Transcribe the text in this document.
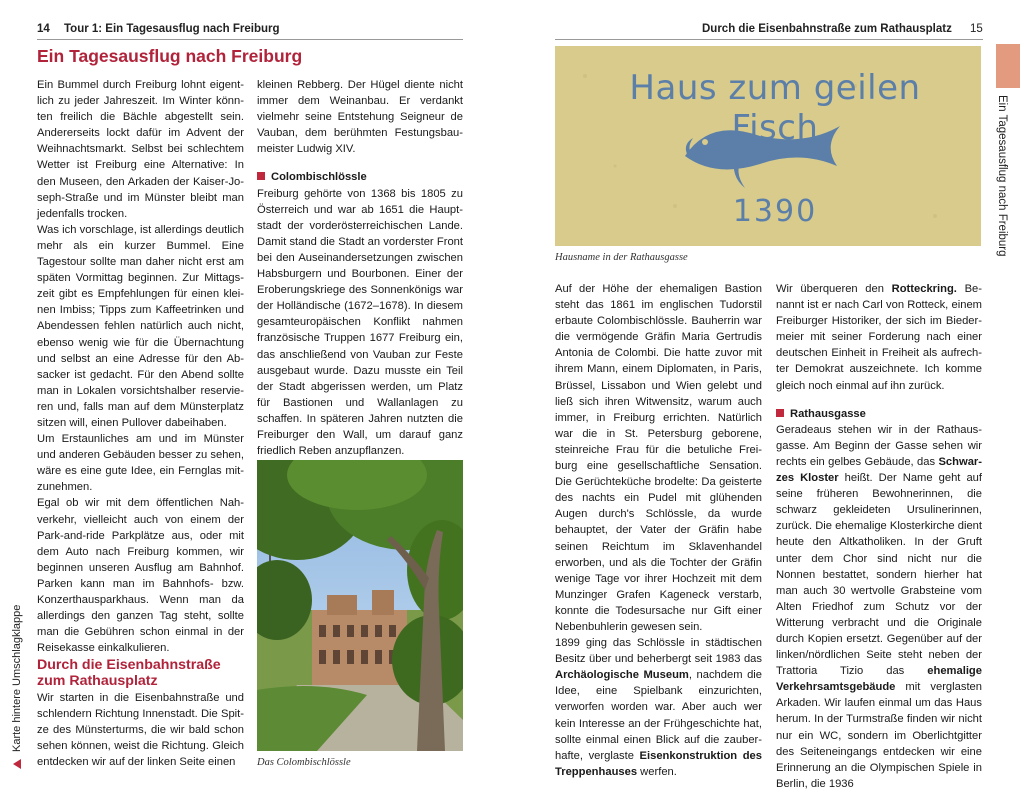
14 Tour 1: Ein Tagesausflug nach Freiburg
Ein Tagesausflug nach Freiburg

Ein Bummel durch Freiburg lohnt eigentlich zu jeder Jahreszeit. Im Winter könnten freilich die Bächle abgestellt sein. Andererseits lockt dafür im Advent der Weihnachtsmarkt. Selbst bei schlechtem Wetter ist Freiburg eine Alternative: In den Museen, den Arkaden der Kaiser-Joseph-Straße und im Münster bleibt man jedenfalls trocken.

Was ich vorschlage, ist allerdings deutlich mehr als ein kurzer Bummel. Eine Tagestour sollte man daher nicht erst am späten Vormittag beginnen. Zur Mittagszeit gibt es Empfehlungen für einen kleinen Imbiss; Tipps zum Kaffeetrinken und Abendessen fehlen natürlich auch nicht, ebenso wenig wie für die Übernachtung und selbst an eine Adresse für den Absacker ist gedacht. Für den Abend sollte man in Lokalen vorsichtshalber reservieren und, falls man auf dem Münsterplatz sitzen will, einen Pullover dabeihaben.

Um Erstaunliches am und im Münster und anderen Gebäuden besser zu sehen, wäre es eine gute Idee, ein Fernglas mitzunehmen.

Egal ob wir mit dem öffentlichen Nahverkehr, vielleicht auch von einem der Park-and-ride Parkplätze aus, oder mit dem Auto nach Freiburg kommen, wir beginnen unseren Ausflug am Bahnhof. Parken kann man im Bahnhofs- bzw. Konzerthausparkhaus. Wenn man da allerdings den ganzen Tag steht, sollte man die Gebühren schon einmal in der Reisekasse einkalkulieren.

Durch die Eisenbahnstraße
zum Rathausplatz

Wir starten in die Eisenbahnstraße und schlendern Richtung Innenstadt. Die Spitze des Münsterturms, die wir bald schon sehen können, weist die Richtung. Gleich entdecken wir auf der linken Seite einen

kleinen Rebberg. Der Hügel diente nicht immer dem Weinanbau. Er verdankt vielmehr seine Entstehung Seigneur de Vauban, dem berühmten Festungsbaumeister Ludwig XIV.

Colombischlössle

Freiburg gehörte von 1368 bis 1805 zu Österreich und war ab 1651 die Hauptstadt der vorderösterreichischen Lande. Damit stand die Stadt an vorderster Front bei den Auseinandersetzungen zwischen Habsburgern und Bourbonen. Einer der Eroberungskriege des Sonnenkönigs war der Holländische (1672–1678). In diesem gesamteuropäischen Konflikt nahmen französische Truppen 1677 Freiburg ein, das anschließend von Vauban zur Feste ausgebaut wurde. Dazu musste ein Teil der Stadt abgerissen werden, um Platz für Bastionen und Wallanlagen zu schaffen. In späteren Jahren nutzten die Freiburger den Wall, um darauf ganz friedlich Reben anzupflanzen.

Das Colombischlössle
Karte hintere Umschlagklappe
Durch die Eisenbahnstraße zum Rathausplatz 15
Ein Tagesausflug nach Freiburg
Haus zum geilen Fisch
1390
Hausname in der Rathausgasse

Auf der Höhe der ehemaligen Bastion steht das 1861 im englischen Tudorstil erbaute Colombischlössle. Bauherrin war die vermögende Gräfin Maria Gertrudis Antonia de Colombi. Die hatte zuvor mit ihrem Mann, einem Diplomaten, in Paris, Brüssel, Lissabon und Wien gelebt und ließ sich ihren Witwensitz, warum auch immer, in Freiburg errichten. Natürlich war die in St. Petersburg geborene, steinreiche Frau für die betuliche Freiburg eine gesellschaftliche Sensation. Die Gerüchteküche brodelte: Da geisterte des nachts ein Pudel mit glühenden Augen durch's Schlössle, da wurde behauptet, der Vater der Gräfin habe seinen Reichtum im Sklavenhandel erworben, und als die Tochter der Gräfin wenige Tage vor ihrer Hochzeit mit dem Munzinger Grafen Kageneck verstarb, konnte die Todesursache nur Gift einer Nebenbuhlerin gewesen sein.

1899 ging das Schlössle in städtischen Besitz über und beherbergt seit 1983 das Archäologische Museum, nachdem die Idee, eine Spielbank einzurichten, verworfen worden war. Aber auch wer kein Interesse an der Frühgeschichte hat, sollte einmal einen Blick auf die zauberhafte, verglaste Eisenkonstruktion des Treppenhauses werfen.

Wir überqueren den Rotteckring. Benannt ist er nach Carl von Rotteck, einem Freiburger Historiker, der sich im Biedermeier mit seiner Forderung nach einer deutschen Einheit in Freiheit als aufrechter Demokrat auszeichnete. Ich komme gleich noch einmal auf ihn zurück.

Rathausgasse

Geradeaus stehen wir in der Rathausgasse. Am Beginn der Gasse sehen wir rechts ein gelbes Gebäude, das Schwarzes Kloster heißt. Der Name geht auf seine früheren Bewohnerinnen, die schwarz gekleideten Ursulinerinnen, zurück. Die ehemalige Klosterkirche dient heute den Altkatholiken. In der Gruft unter dem Chor sind nicht nur die Nonnen bestattet, sondern hierher hat man auch 30 wertvolle Grabsteine vom Alten Friedhof zum Schutz vor der Witterung verbracht und die Originale durch Kopien ersetzt. Gegenüber auf der linken/nördlichen Seite steht neben der Trattoria Tizio das ehemalige Verkehrsamtsgebäude mit verglasten Arkaden. Wir laufen einmal um das Haus herum. In der Turmstraße finden wir nicht nur ein WC, sondern im Oberlichtgitter des Seiteneingangs entdecken wir eine Erinnerung an die Olympischen Spiele in Berlin, die 1936
